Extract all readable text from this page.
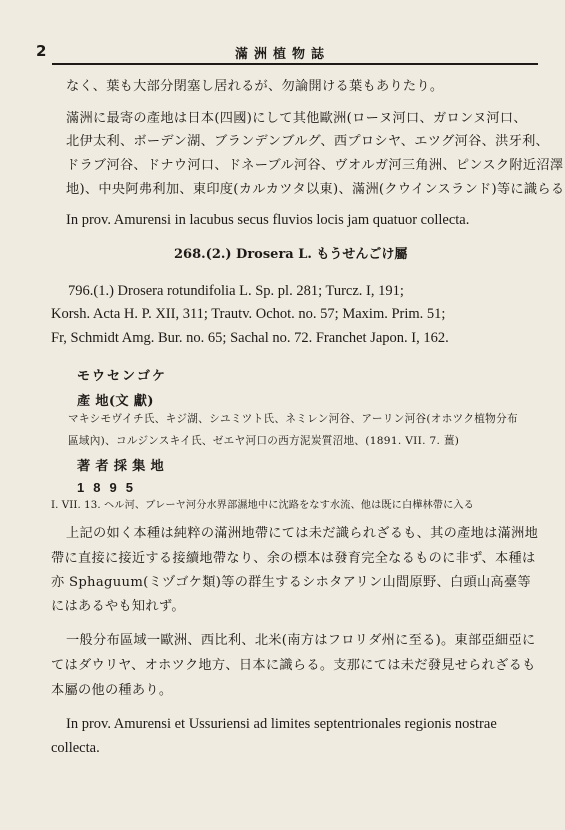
2	滿洲植物誌
なく、葉も大部分閉塞し居れるが、勿論開ける葉もありたり。
滿洲に最寄の產地は日本(四國)にして其他歐洲(ローヌ河口、ガロンヌ河口、
北伊太利、ボーデン湖、ブランデンブルグ、西プロシヤ、エツグ河谷、洪牙利、
ドラブ河谷、ドナウ河口、ドネーブル河谷、ヴオルガ河三角洲、ピンスク附近沼澤
地)、中央阿弗利加、東印度(カルカツタ以東)、滿洲(クウインスランド)等に識らる
In prov. Amurensi in lacubus secus fluvios locis jam quatuor collecta.
268.(2.) Drosera L. もうせんごけ屬
796.(1.) Drosera rotundifolia L. Sp. pl. 281; Turcz. I, 191;
Korsh. Acta H. P. XII, 311; Trautv. Ochot. no. 57; Maxim. Prim. 51;
Fr, Schmidt Amg. Bur. no. 65; Sachal no. 72. Franchet Japon. I, 162.
モウセンゴケ
產 地(文 獻)
マキシモヴイチ氏、キジ湖、シユミツト氏、ネミレン河谷、アーリン河谷(オホツク植物分布
區域內)、コルジンスキイ氏、ゼエヤ河口の西方泥炭質沼地、(1891. VII. 7. 薑)
著 者 採 集 地
1895
I. VII. 13. ヘル河、ブレーヤ河分水界部濕地中に沈路をなす水流、他は既に白樺林帶に入る
上記の如く本種は純粹の滿洲地帶にては未だ識られざるも、其の產地は滿洲地
帶に直接に接近する接續地帶なり、余の標本は發育完全なるものに非ず、本種は
亦 Sphaguum(ミヅゴケ類)等の群生するシホタアリン山間原野、白頭山高臺等
にはあるやも知れず。
一般分布區域一歐洲、西比利、北米(南方はフロリダ州に至る)。東部亞細亞に
てはダウリヤ、オホツク地方、日本に識らる。支那にては未だ發見せられざるも
本屬の他の種あり。
In prov. Amurensi et Ussuriensi ad limites septentrionales regionis nostrae
collecta.
